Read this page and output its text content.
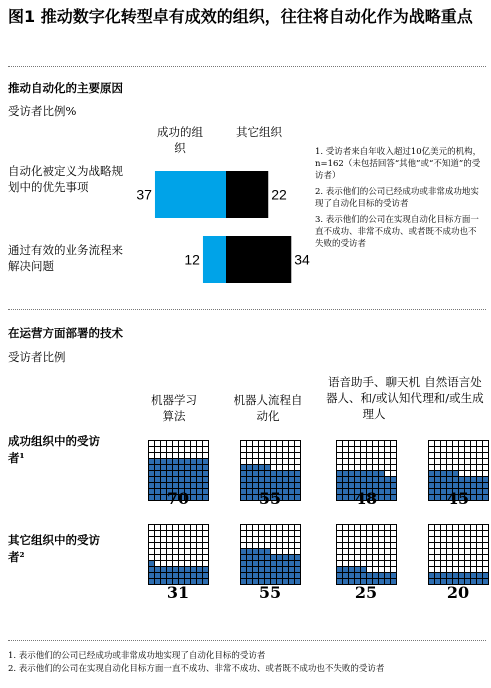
图1 推动数字化转型卓有成效的组织，往往将自动化作为战略重点
推动自动化的主要原因
受访者比例%
成功的组织
其它组织
自动化被定义为战略规划中的优先事项
通过有效的业务流程来解决问题
37	22
12	34
1. 受访者来自年收入超过10亿美元的机构，n=162（未包括回答“其他”或“不知道”的受访者）
2. 表示他们的公司已经成功或非常成功地实现了自动化目标的受访者
3. 表示他们的公司在实现自动化目标方面一直不成功、非常不成功、或者既不成功也不失败的受访者
在运营方面部署的技术
受访者比例
机器学习算法
机器人流程自动化
语音助手、聊天机器人、和/或认知代理人
自然语言处理和/或生成
成功组织中的受访者¹
其它组织中的受访者²
70	55	48	45
31	55	25	20
1. 表示他们的公司已经成功或非常成功地实现了自动化目标的受访者
2. 表示他们的公司在实现自动化目标方面一直不成功、非常不成功、或者既不成功也不失败的受访者
